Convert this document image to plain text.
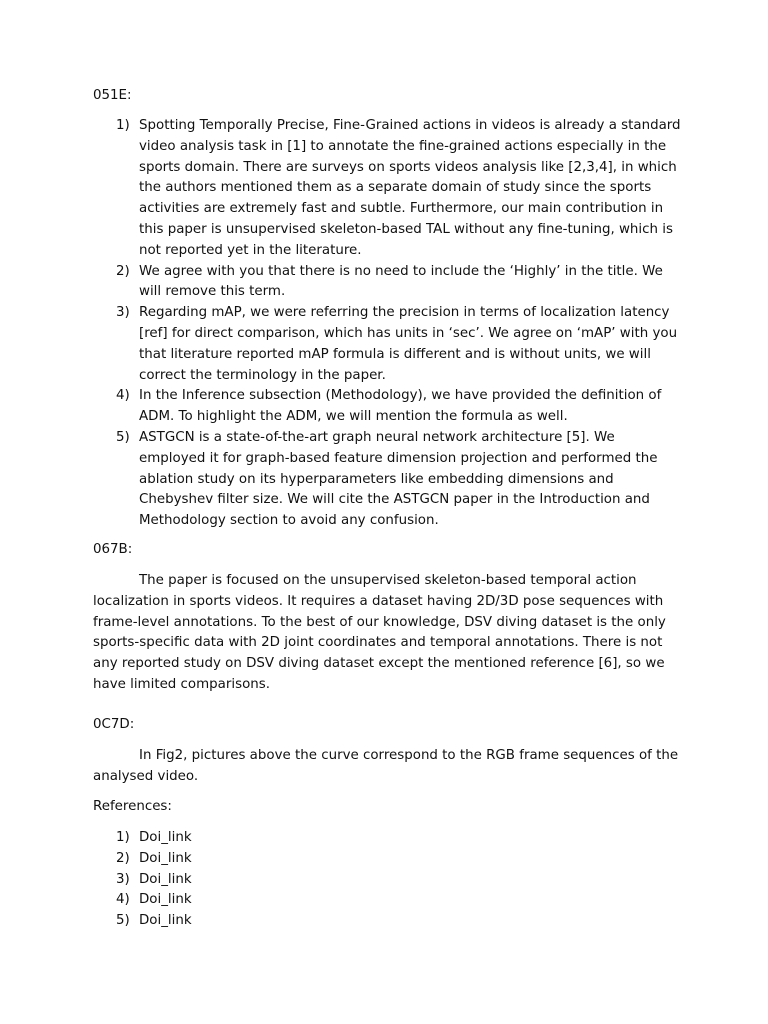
051E:

1) Spotting Temporally Precise, Fine-Grained actions in videos is already a standard video analysis task in [1] to annotate the fine-grained actions especially in the sports domain. There are surveys on sports videos analysis like [2,3,4], in which the authors mentioned them as a separate domain of study since the sports activities are extremely fast and subtle. Furthermore, our main contribution in this paper is unsupervised skeleton-based TAL without any fine-tuning, which is not reported yet in the literature.
2) We agree with you that there is no need to include the ‘Highly’ in the title. We will remove this term.
3) Regarding mAP, we were referring the precision in terms of localization latency [ref] for direct comparison, which has units in ‘sec’. We agree on ‘mAP’ with you that literature reported mAP formula is different and is without units, we will correct the terminology in the paper.
4) In the Inference subsection (Methodology), we have provided the definition of ADM. To highlight the ADM, we will mention the formula as well.
5) ASTGCN is a state-of-the-art graph neural network architecture [5]. We employed it for graph-based feature dimension projection and performed the ablation study on its hyperparameters like embedding dimensions and Chebyshev filter size. We will cite the ASTGCN paper in the Introduction and Methodology section to avoid any confusion.

067B:

The paper is focused on the unsupervised skeleton-based temporal action localization in sports videos. It requires a dataset having 2D/3D pose sequences with frame-level annotations. To the best of our knowledge, DSV diving dataset is the only sports-specific data with 2D joint coordinates and temporal annotations. There is not any reported study on DSV diving dataset except the mentioned reference [6], so we have limited comparisons.

0C7D:

In Fig2, pictures above the curve correspond to the RGB frame sequences of the analysed video.

References:

1) Doi_link
2) Doi_link
3) Doi_link
4) Doi_link
5) Doi_link
